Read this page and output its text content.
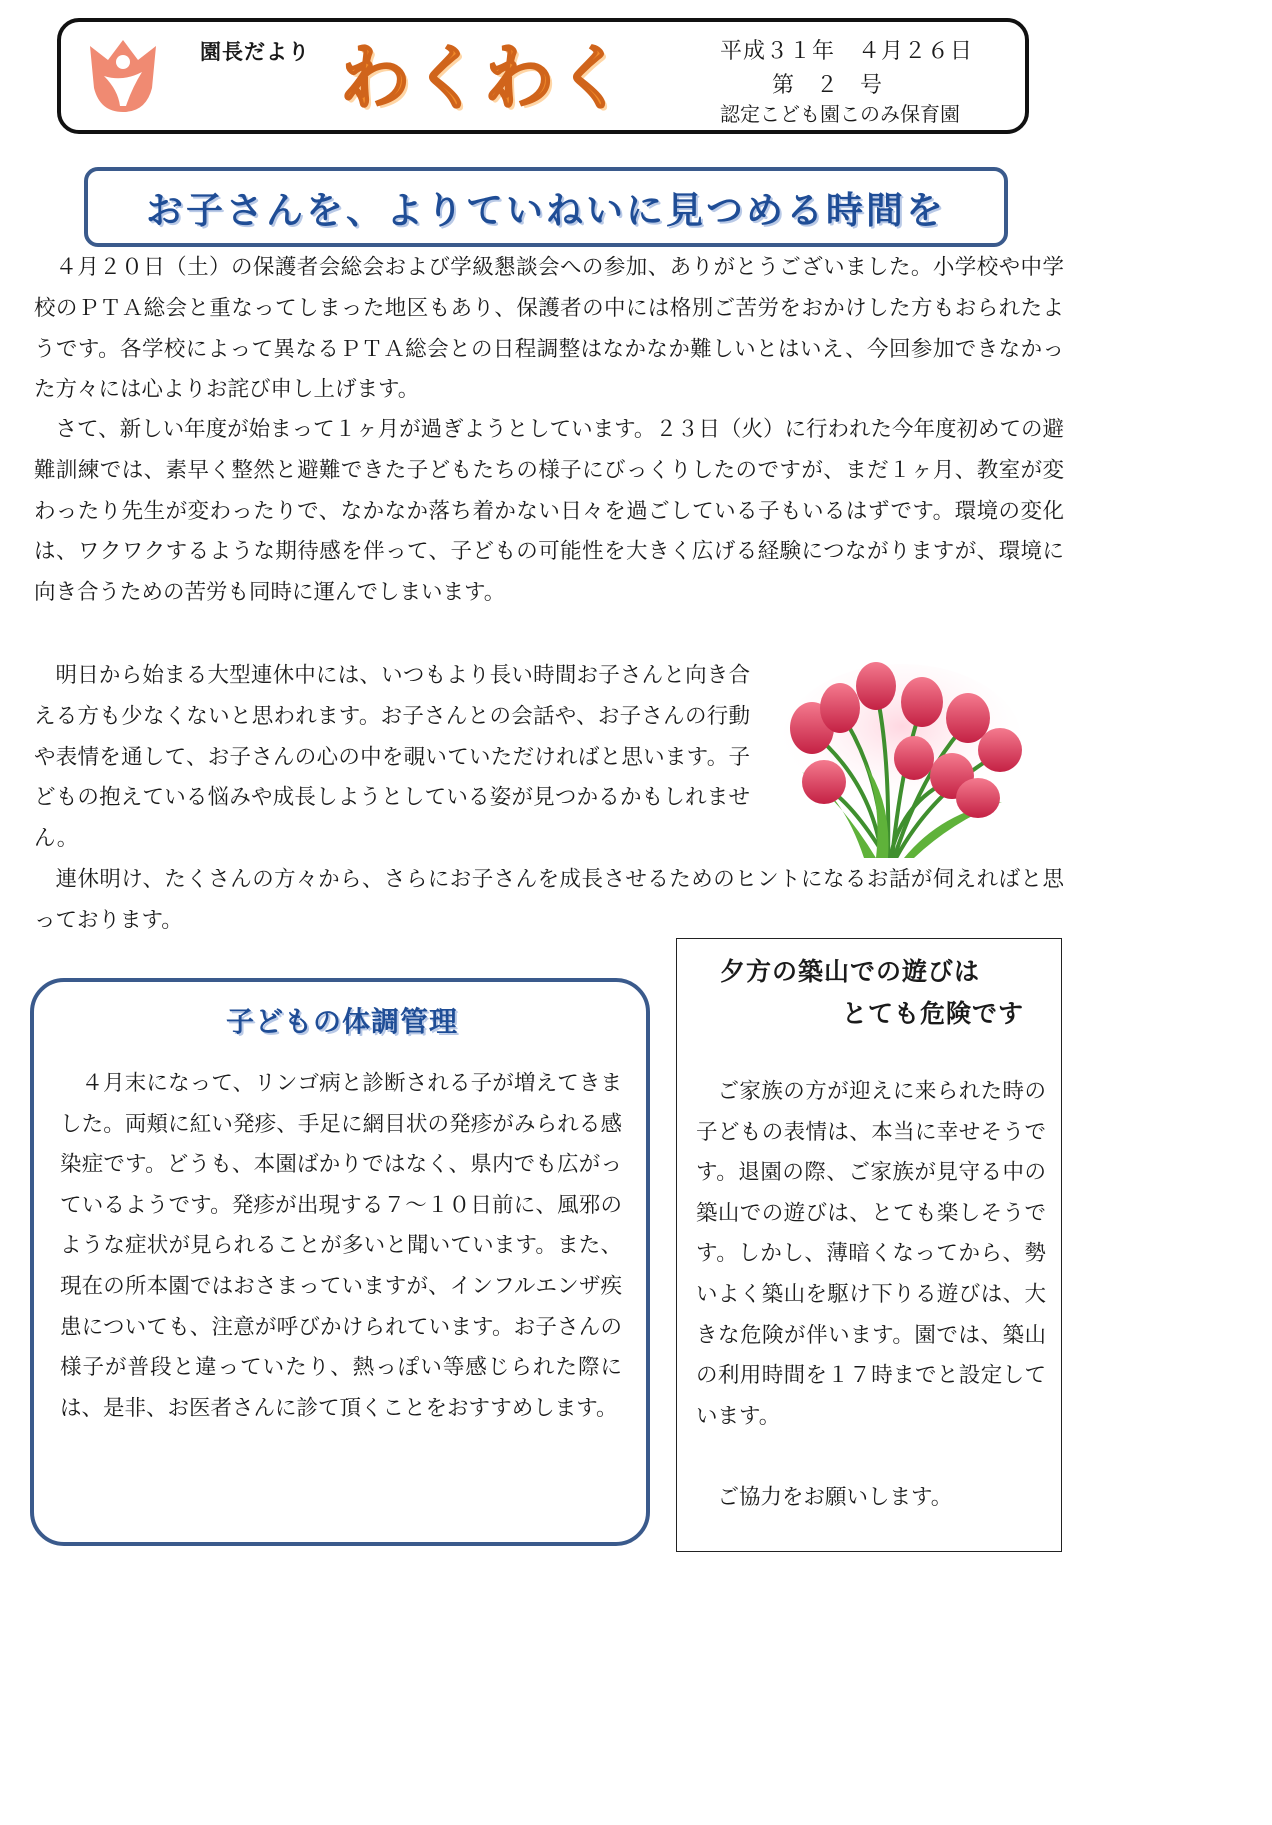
園長だより わくわく	平成３１年　４月２６日
第　２　号
認定こども園このみ保育園
お子さんを、よりていねいに見つめる時間を

４月２０日（土）の保護者会総会および学級懇談会への参加、ありがとうございました。小学校や中学校のＰＴＡ総会と重なってしまった地区もあり、保護者の中には格別ご苦労をおかけした方もおられたようです。各学校によって異なるＰＴＡ総会との日程調整はなかなか難しいとはいえ、今回参加できなかった方々には心よりお詫び申し上げます。

さて、新しい年度が始まって１ヶ月が過ぎようとしています。２３日（火）に行われた今年度初めての避難訓練では、素早く整然と避難できた子どもたちの様子にびっくりしたのですが、まだ１ヶ月、教室が変わったり先生が変わったりで、なかなか落ち着かない日々を過ごしている子もいるはずです。環境の変化は、ワクワクするような期待感を伴って、子どもの可能性を大きく広げる経験につながりますが、環境に向き合うための苦労も同時に運んでしまいます。

明日から始まる大型連休中には、いつもより長い時間お子さんと向き合える方も少なくないと思われます。お子さんとの会話や、お子さんの行動や表情を通して、お子さんの心の中を覗いていただければと思います。子どもの抱えている悩みや成長しようとしている姿が見つかるかもしれません。

連休明け、たくさんの方々から、さらにお子さんを成長させるためのヒントになるお話が伺えればと思っております。

子どもの体調管理

４月末になって、リンゴ病と診断される子が増えてきました。両頬に紅い発疹、手足に網目状の発疹がみられる感染症です。どうも、本園ばかりではなく、県内でも広がっているようです。発疹が出現する７～１０日前に、風邪のような症状が見られることが多いと聞いています。また、現在の所本園ではおさまっていますが、インフルエンザ疾患についても、注意が呼びかけられています。お子さんの様子が普段と違っていたり、熱っぽい等感じられた際には、是非、お医者さんに診て頂くことをおすすめします。

夕方の築山での遊びは
とても危険です

ご家族の方が迎えに来られた時の子どもの表情は、本当に幸せそうです。退園の際、ご家族が見守る中の築山での遊びは、とても楽しそうです。しかし、薄暗くなってから、勢いよく築山を駆け下りる遊びは、大きな危険が伴います。園では、築山の利用時間を１７時までと設定しています。

ご協力をお願いします。
